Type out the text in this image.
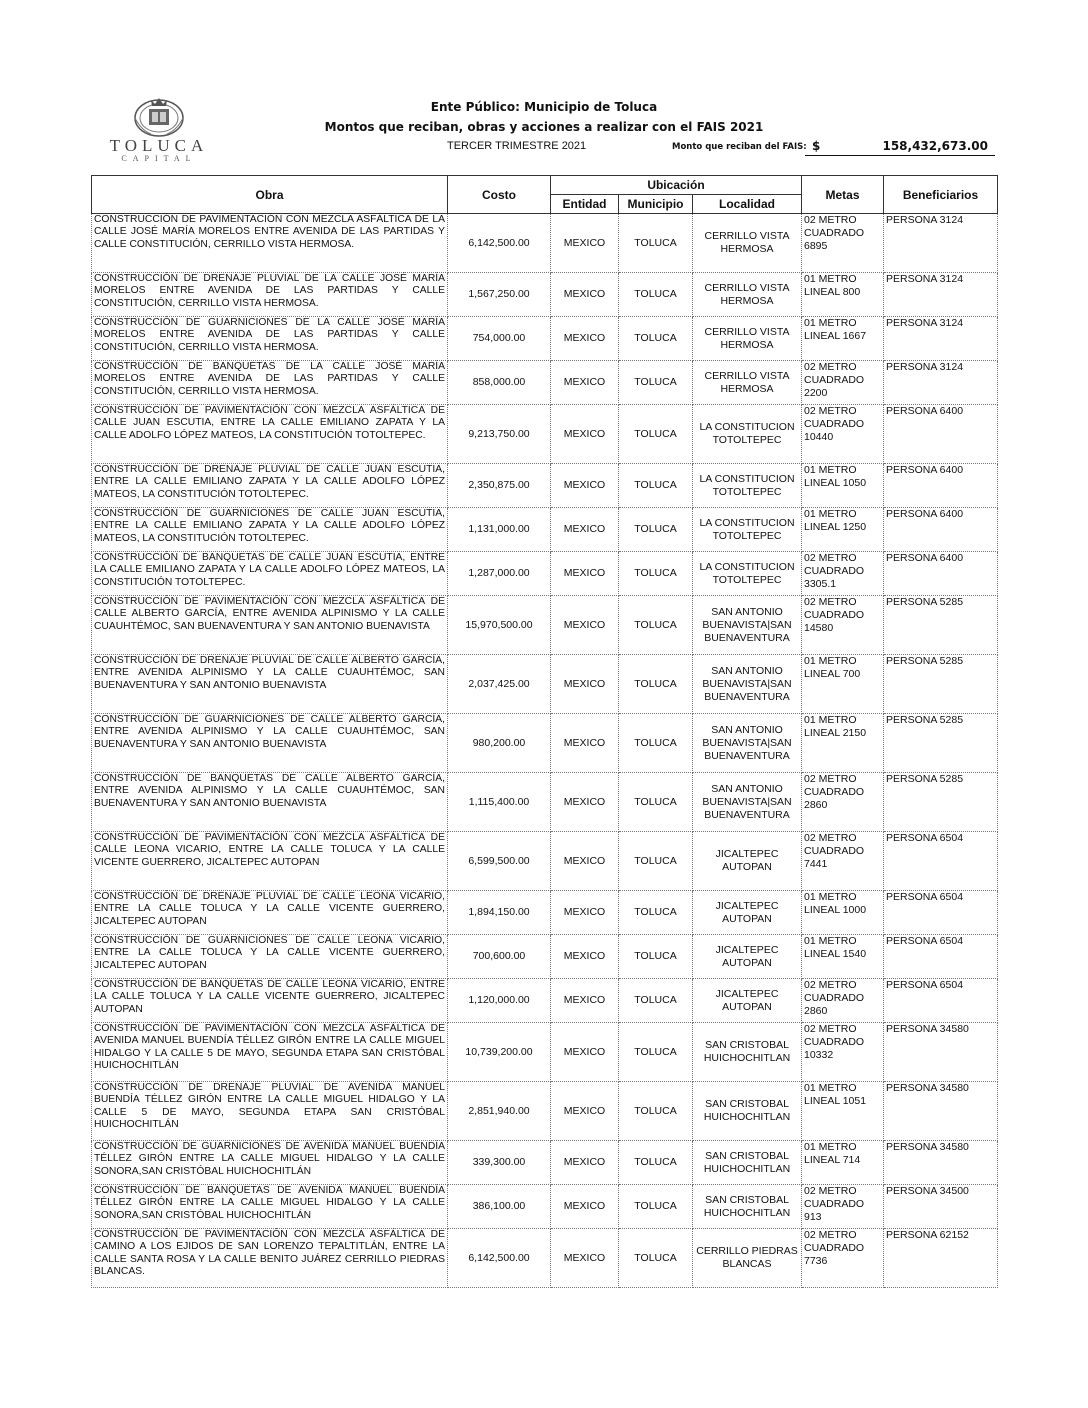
TOLUCA
CAPITAL
Ente Público: Municipio de Toluca
Montos que reciban, obras y acciones a realizar con el FAIS 2021
TERCER TRIMESTRE 2021	Monto que reciban del FAIS: $	158,432,673.00
Obra	Costo	Ubicación			Metas	Beneficiarios
		Entidad	Municipio	Localidad		
CONSTRUCCIÓN DE PAVIMENTACIÓN CON MEZCLA ASFÁLTICA DE LA CALLE JOSÉ MARÍA MORELOS ENTRE AVENIDA DE LAS PARTIDAS Y CALLE CONSTITUCIÓN, CERRILLO VISTA HERMOSA.	6,142,500.00	MEXICO	TOLUCA	CERRILLO VISTA HERMOSA	02 METRO CUADRADO 6895	PERSONA 3124
CONSTRUCCIÓN DE DRENAJE PLUVIAL DE LA CALLE JOSÉ MARÍA MORELOS ENTRE AVENIDA DE LAS PARTIDAS Y CALLE CONSTITUCIÓN, CERRILLO VISTA HERMOSA.	1,567,250.00	MEXICO	TOLUCA	CERRILLO VISTA HERMOSA	01 METRO LINEAL 800	PERSONA 3124
CONSTRUCCIÓN DE GUARNICIONES DE LA CALLE JOSÉ MARÍA MORELOS ENTRE AVENIDA DE LAS PARTIDAS Y CALLE CONSTITUCIÓN, CERRILLO VISTA HERMOSA.	754,000.00	MEXICO	TOLUCA	CERRILLO VISTA HERMOSA	01 METRO LINEAL 1667	PERSONA 3124
CONSTRUCCIÓN DE BANQUETAS DE LA CALLE JOSÉ MARÍA MORELOS ENTRE AVENIDA DE LAS PARTIDAS Y CALLE CONSTITUCIÓN, CERRILLO VISTA HERMOSA.	858,000.00	MEXICO	TOLUCA	CERRILLO VISTA HERMOSA	02 METRO CUADRADO 2200	PERSONA 3124
CONSTRUCCIÓN DE PAVIMENTACIÓN CON MEZCLA ASFÁLTICA DE CALLE JUAN ESCUTIA, ENTRE LA CALLE EMILIANO ZAPATA Y LA CALLE ADOLFO LÓPEZ MATEOS, LA CONSTITUCIÓN TOTOLTEPEC.	9,213,750.00	MEXICO	TOLUCA	LA CONSTITUCION TOTOLTEPEC	02 METRO CUADRADO 10440	PERSONA 6400
CONSTRUCCIÓN DE DRENAJE PLUVIAL DE CALLE JUAN ESCUTIA, ENTRE LA CALLE EMILIANO ZAPATA Y LA CALLE ADOLFO LÓPEZ MATEOS, LA CONSTITUCIÓN TOTOLTEPEC.	2,350,875.00	MEXICO	TOLUCA	LA CONSTITUCION TOTOLTEPEC	01 METRO LINEAL 1050	PERSONA 6400
CONSTRUCCIÓN DE GUARNICIONES DE CALLE JUAN ESCUTIA, ENTRE LA CALLE EMILIANO ZAPATA Y LA CALLE ADOLFO LÓPEZ MATEOS, LA CONSTITUCIÓN TOTOLTEPEC.	1,131,000.00	MEXICO	TOLUCA	LA CONSTITUCION TOTOLTEPEC	01 METRO LINEAL 1250	PERSONA 6400
CONSTRUCCIÓN DE BANQUETAS DE CALLE JUAN ESCUTIA, ENTRE LA CALLE EMILIANO ZAPATA Y LA CALLE ADOLFO LÓPEZ MATEOS, LA CONSTITUCIÓN TOTOLTEPEC.	1,287,000.00	MEXICO	TOLUCA	LA CONSTITUCION TOTOLTEPEC	02 METRO CUADRADO 3305.1	PERSONA 6400
CONSTRUCCIÓN DE PAVIMENTACIÓN CON MEZCLA ASFÁLTICA DE CALLE ALBERTO GARCÍA, ENTRE AVENIDA ALPINISMO Y LA CALLE CUAUHTÉMOC, SAN BUENAVENTURA Y SAN ANTONIO BUENAVISTA	15,970,500.00	MEXICO	TOLUCA	SAN ANTONIO BUENAVISTA|SAN BUENAVENTURA	02 METRO CUADRADO 14580	PERSONA 5285
CONSTRUCCIÓN DE DRENAJE PLUVIAL DE CALLE ALBERTO GARCÍA, ENTRE AVENIDA ALPINISMO Y LA CALLE CUAUHTÉMOC, SAN BUENAVENTURA Y SAN ANTONIO BUENAVISTA	2,037,425.00	MEXICO	TOLUCA	SAN ANTONIO BUENAVISTA|SAN BUENAVENTURA	01 METRO LINEAL 700	PERSONA 5285
CONSTRUCCIÓN DE GUARNICIONES DE CALLE ALBERTO GARCÍA, ENTRE AVENIDA ALPINISMO Y LA CALLE CUAUHTÉMOC, SAN BUENAVENTURA Y SAN ANTONIO BUENAVISTA	980,200.00	MEXICO	TOLUCA	SAN ANTONIO BUENAVISTA|SAN BUENAVENTURA	01 METRO LINEAL 2150	PERSONA 5285
CONSTRUCCIÓN DE BANQUETAS DE CALLE ALBERTO GARCÍA, ENTRE AVENIDA ALPINISMO Y LA CALLE CUAUHTÉMOC, SAN BUENAVENTURA Y SAN ANTONIO BUENAVISTA	1,115,400.00	MEXICO	TOLUCA	SAN ANTONIO BUENAVISTA|SAN BUENAVENTURA	02 METRO CUADRADO 2860	PERSONA 5285
CONSTRUCCIÓN DE PAVIMENTACIÓN CON MEZCLA ASFÁLTICA DE CALLE LEONA VICARIO, ENTRE LA CALLE TOLUCA Y LA CALLE VICENTE GUERRERO, JICALTEPEC AUTOPAN	6,599,500.00	MEXICO	TOLUCA	JICALTEPEC AUTOPAN	02 METRO CUADRADO 7441	PERSONA 6504
CONSTRUCCIÓN DE DRENAJE PLUVIAL DE CALLE LEONA VICARIO, ENTRE LA CALLE TOLUCA Y LA CALLE VICENTE GUERRERO, JICALTEPEC AUTOPAN	1,894,150.00	MEXICO	TOLUCA	JICALTEPEC AUTOPAN	01 METRO LINEAL 1000	PERSONA 6504
CONSTRUCCIÓN DE GUARNICIONES DE CALLE LEONA VICARIO, ENTRE LA CALLE TOLUCA Y LA CALLE VICENTE GUERRERO, JICALTEPEC AUTOPAN	700,600.00	MEXICO	TOLUCA	JICALTEPEC AUTOPAN	01 METRO LINEAL 1540	PERSONA 6504
CONSTRUCCIÓN DE BANQUETAS DE CALLE LEONA VICARIO, ENTRE LA CALLE TOLUCA Y LA CALLE VICENTE GUERRERO, JICALTEPEC AUTOPAN	1,120,000.00	MEXICO	TOLUCA	JICALTEPEC AUTOPAN	02 METRO CUADRADO 2860	PERSONA 6504
CONSTRUCCIÓN DE PAVIMENTACIÓN CON MEZCLA ASFÁLTICA DE AVENIDA MANUEL BUENDÍA TÉLLEZ GIRÓN ENTRE LA CALLE MIGUEL HIDALGO Y LA CALLE 5 DE MAYO, SEGUNDA ETAPA SAN CRISTÓBAL HUICHOCHITLÁN	10,739,200.00	MEXICO	TOLUCA	SAN CRISTOBAL HUICHOCHITLAN	02 METRO CUADRADO 10332	PERSONA 34580
CONSTRUCCIÓN DE DRENAJE PLUVIAL DE AVENIDA MANUEL BUENDÍA TÉLLEZ GIRÓN ENTRE LA CALLE MIGUEL HIDALGO Y LA CALLE 5 DE MAYO, SEGUNDA ETAPA SAN CRISTÓBAL HUICHOCHITLÁN	2,851,940.00	MEXICO	TOLUCA	SAN CRISTOBAL HUICHOCHITLAN	01 METRO LINEAL 1051	PERSONA 34580
CONSTRUCCIÓN DE GUARNICIONES DE AVENIDA MANUEL BUENDÍA TÉLLEZ GIRÓN ENTRE LA CALLE MIGUEL HIDALGO Y LA CALLE SONORA,SAN CRISTÓBAL HUICHOCHITLÁN	339,300.00	MEXICO	TOLUCA	SAN CRISTOBAL HUICHOCHITLAN	01 METRO LINEAL 714	PERSONA 34580
CONSTRUCCIÓN DE BANQUETAS DE AVENIDA MANUEL BUENDÍA TÉLLEZ GIRÓN ENTRE LA CALLE MIGUEL HIDALGO Y LA CALLE SONORA,SAN CRISTÓBAL HUICHOCHITLÁN	386,100.00	MEXICO	TOLUCA	SAN CRISTOBAL HUICHOCHITLAN	02 METRO CUADRADO 913	PERSONA 34500
CONSTRUCCIÓN DE PAVIMENTACIÓN CON MEZCLA ASFÁLTICA DE CAMINO A LOS EJIDOS DE SAN LORENZO TEPALTITLÁN, ENTRE LA CALLE SANTA ROSA Y LA CALLE BENITO JUÁREZ CERRILLO PIEDRAS BLANCAS.	6,142,500.00	MEXICO	TOLUCA	CERRILLO PIEDRAS BLANCAS	02 METRO CUADRADO 7736	PERSONA 62152
